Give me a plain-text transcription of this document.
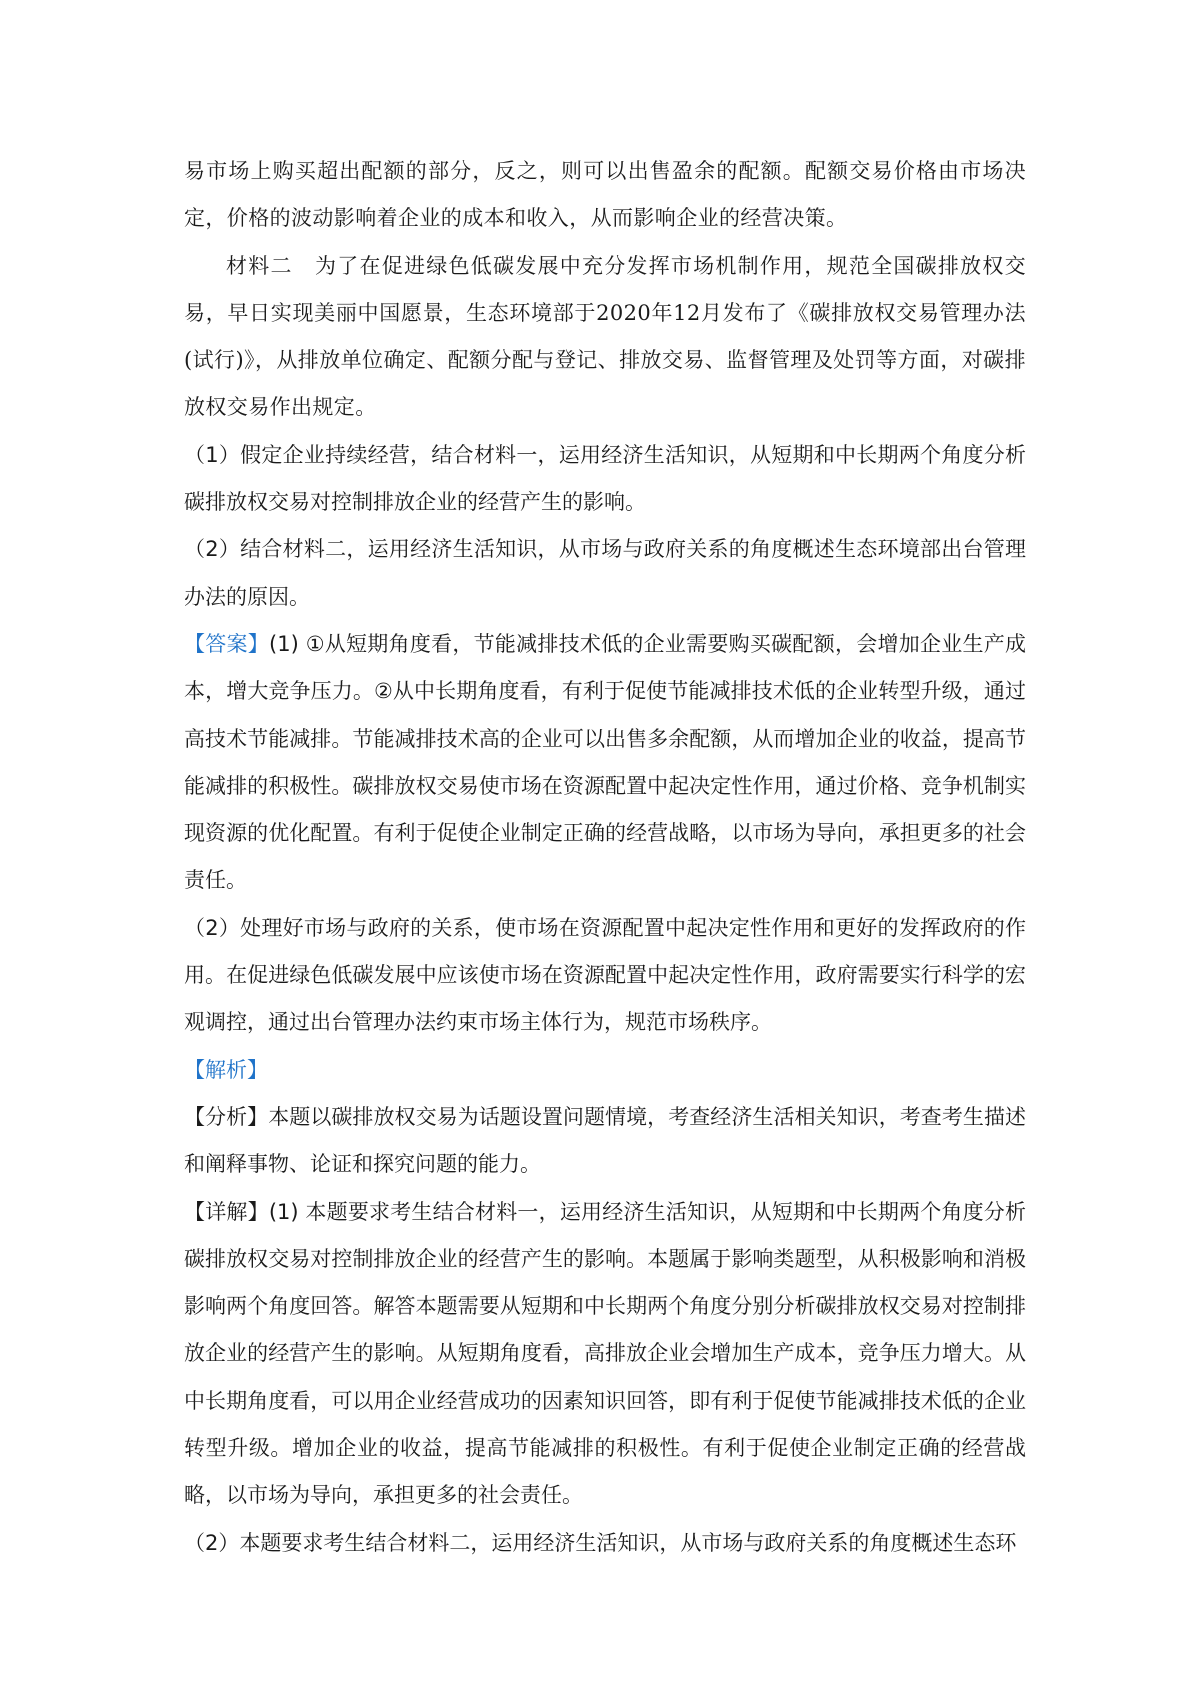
易市场上购买超出配额的部分，反之，则可以出售盈余的配额。配额交易价格由市场决定，价格的波动影响着企业的成本和收入，从而影响企业的经营决策。

材料二　 为了在促进绿色低碳发展中充分发挥市场机制作用，规范全国碳排放权交易，早日实现美丽中国愿景，生态环境部于2020年12月发布了《碳排放权交易管理办法(试行)》，从排放单位确定、配额分配与登记、排放交易、监督管理及处罚等方面，对碳排放权交易作出规定。

（1）假定企业持续经营，结合材料一，运用经济生活知识，从短期和中长期两个角度分析碳排放权交易对控制排放企业的经营产生的影响。

（2）结合材料二，运用经济生活知识，从市场与政府关系的角度概述生态环境部出台管理办法的原因。

【答案】(1) ①从短期角度看，节能减排技术低的企业需要购买碳配额，会增加企业生产成本，增大竞争压力。②从中长期角度看，有利于促使节能减排技术低的企业转型升级，通过高技术节能减排。节能减排技术高的企业可以出售多余配额，从而增加企业的收益，提高节能减排的积极性。碳排放权交易使市场在资源配置中起决定性作用，通过价格、竞争机制实现资源的优化配置。有利于促使企业制定正确的经营战略，以市场为导向，承担更多的社会责任。

（2）处理好市场与政府的关系，使市场在资源配置中起决定性作用和更好的发挥政府的作用。在促进绿色低碳发展中应该使市场在资源配置中起决定性作用，政府需要实行科学的宏观调控，通过出台管理办法约束市场主体行为，规范市场秩序。

【解析】

【分析】本题以碳排放权交易为话题设置问题情境，考查经济生活相关知识，考查考生描述和阐释事物、论证和探究问题的能力。

【详解】(1) 本题要求考生结合材料一，运用经济生活知识，从短期和中长期两个角度分析碳排放权交易对控制排放企业的经营产生的影响。本题属于影响类题型，从积极影响和消极影响两个角度回答。解答本题需要从短期和中长期两个角度分别分析碳排放权交易对控制排放企业的经营产生的影响。从短期角度看，高排放企业会增加生产成本，竞争压力增大。从中长期角度看，可以用企业经营成功的因素知识回答，即有利于促使节能减排技术低的企业转型升级。增加企业的收益，提高节能减排的积极性。有利于促使企业制定正确的经营战略，以市场为导向，承担更多的社会责任。

（2）本题要求考生结合材料二，运用经济生活知识，从市场与政府关系的角度概述生态环
